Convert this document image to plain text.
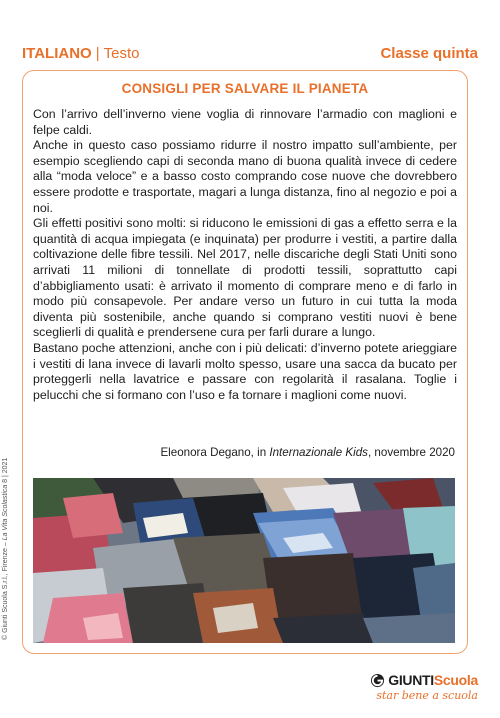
ITALIANO | Testo	Classe quinta
CONSIGLI PER SALVARE IL PIANETA

Con l’arrivo dell’inverno viene voglia di rinnovare l’armadio con maglioni e felpe caldi.

Anche in questo caso possiamo ridurre il nostro impatto sull’ambiente, per esempio scegliendo capi di seconda mano di buona qualità invece di cedere alla “moda veloce” e a basso costo comprando cose nuove che dovrebbero essere prodotte e trasportate, magari a lunga distanza, fino al negozio e poi a noi.

Gli effetti positivi sono molti: si riducono le emissioni di gas a effetto serra e la quantità di acqua impiegata (e inquinata) per produrre i vestiti, a partire dalla coltivazione delle fibre tessili. Nel 2017, nelle discariche degli Stati Uniti sono arrivati 11 milioni di tonnellate di prodotti tessili, soprattutto capi d’abbigliamento usati: è arrivato il momento di comprare meno e di farlo in modo più consapevole. Per andare verso un futuro in cui tutta la moda diventa più sostenibile, anche quando si comprano vestiti nuovi è bene sceglierli di qualità e prendersene cura per farli durare a lungo.

Bastano poche attenzioni, anche con i più delicati: d’inverno potete arieggiare i vestiti di lana invece di lavarli molto spesso, usare una sacca da bucato per proteggerli nella lavatrice e passare con regolarità il rasalana. Toglie i pelucchi che si formano con l’uso e fa tornare i maglioni come nuovi.

Eleonora Degano, in Internazionale Kids, novembre 2020
© Giunti Scuola S.r.l., Firenze – La Vita Scolastica 8 | 2021
GIUNTIScuola
star bene a scuola
